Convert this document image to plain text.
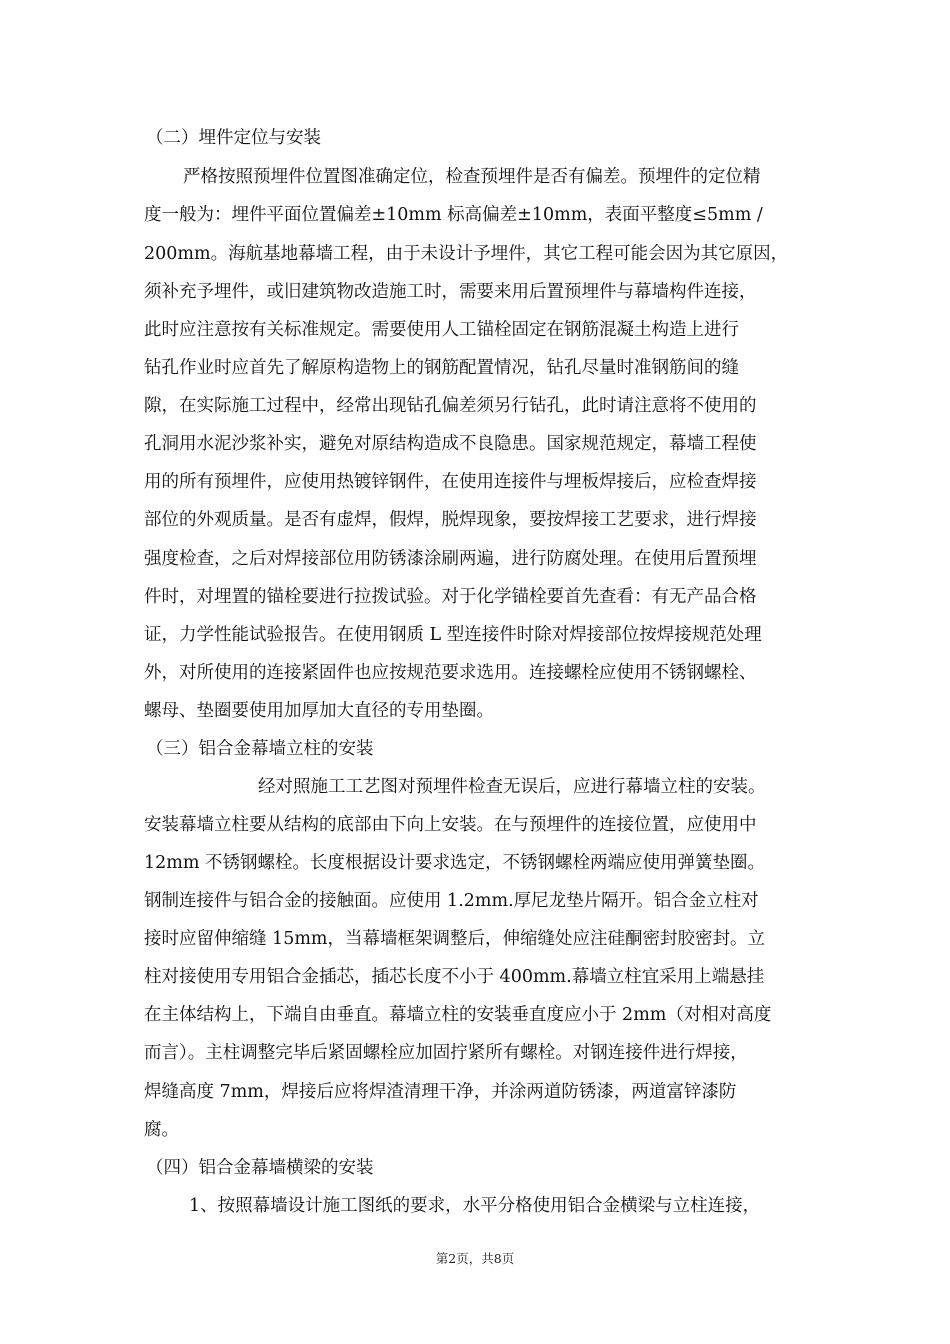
（二）埋件定位与安装
严格按照预埋件位置图准确定位，检查预埋件是否有偏差。预埋件的定位精
度一般为：埋件平面位置偏差±10mm 标高偏差±10mm，表面平整度≤5mm /
200mm。海航基地幕墙工程，由于未设计予埋件，其它工程可能会因为其它原因，
须补充予埋件，或旧建筑物改造施工时，需要来用后置预埋件与幕墙构件连接，
此时应注意按有关标准规定。需要使用人工锚栓固定在钢筋混凝土构造上进行
钻孔作业时应首先了解原构造物上的钢筋配置情况，钻孔尽量时准钢筋间的缝
隙，在实际施工过程中，经常出现钻孔偏差须另行钻孔，此时请注意将不使用的
孔洞用水泥沙浆补实，避免对原结构造成不良隐患。国家规范规定，幕墙工程使
用的所有预埋件，应使用热镀锌钢件，在使用连接件与埋板焊接后，应检查焊接
部位的外观质量。是否有虚焊，假焊，脱焊现象，要按焊接工艺要求，进行焊接
强度检查，之后对焊接部位用防锈漆涂刷两遍，进行防腐处理。在使用后置预埋
件时，对埋置的锚栓要进行拉拨试验。对于化学锚栓要首先查看：有无产品合格
证，力学性能试验报告。在使用钢质 L 型连接件时除对焊接部位按焊接规范处理
外，对所使用的连接紧固件也应按规范要求选用。连接螺栓应使用不锈钢螺栓、
螺母、垫圈要使用加厚加大直径的专用垫圈。
（三）铝合金幕墙立柱的安装
经对照施工工艺图对预埋件检查无误后，应进行幕墙立柱的安装。
安装幕墙立柱要从结构的底部由下向上安装。在与预埋件的连接位置，应使用中
12mm 不锈钢螺栓。长度根据设计要求选定，不锈钢螺栓两端应使用弹簧垫圈。
钢制连接件与铝合金的接触面。应使用 1.2mm.厚尼龙垫片隔开。铝合金立柱对
接时应留伸缩缝 15mm，当幕墙框架调整后，伸缩缝处应注硅酮密封胶密封。立
柱对接使用专用铝合金插芯，插芯长度不小于 400mm.幕墙立柱宜采用上端悬挂
在主体结构上，下端自由垂直。幕墙立柱的安装垂直度应小于 2mm（对相对高度
而言）。主柱调整完毕后紧固螺栓应加固拧紧所有螺栓。对钢连接件进行焊接，
焊缝高度 7mm，焊接后应将焊渣清理干净，并涂两道防锈漆，两道富锌漆防
腐。
（四）铝合金幕墙横梁的安装
1、按照幕墙设计施工图纸的要求，水平分格使用铝合金横梁与立柱连接，
第2页，共8页
